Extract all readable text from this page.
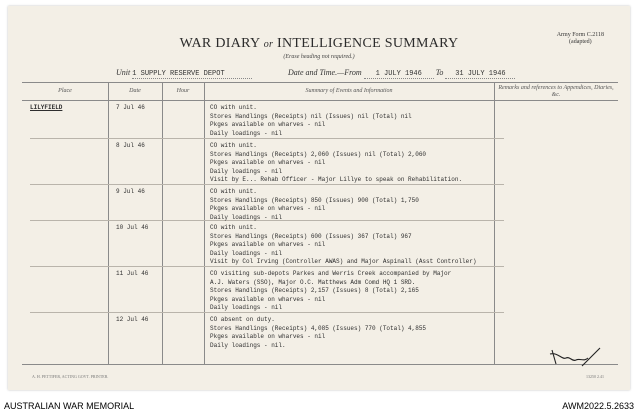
Army Form C.2118
(adapted)
WAR DIARY or INTELLIGENCE SUMMARY
(Erase heading not required.)
Unit 1 SUPPLY RESERVE DEPOT	Date and Time.—From 1 JULY 1946 To 31 JULY 1946
Place	Date	Hour	Summary of Events and Information	Remarks and references to Appendices, Diaries, &c.
LILYFIELD	7 Jul 46	CO with unit.
Stores Handlings (Receipts) nil (Issues) nil (Total) nil
Pkges available on wharves - nil
Daily loadings - nil
8 Jul 46	CO with unit.
Stores Handlings (Receipts) 2,060 (Issues) nil (Total) 2,060
Pkges available on wharves - nil
Daily loadings - nil
Visit by E... Rehab Officer - Major Lillye to speak on Rehabilitation.
9 Jul 46	CO with unit.
Stores Handlings (Receipts) 850 (Issues) 900 (Total) 1,750
Pkges available on wharves - nil
Daily loadings - nil
10 Jul 46	CO with unit.
Stores Handlings (Receipts) 600 (Issues) 367 (Total) 967
Pkges available on wharves - nil
Daily loadings - nil
Visit by Col Irving (Controller AWAS) and Major Aspinall (Asst Controller)
11 Jul 46	CO visiting sub-depots Parkes and Werris Creek accompanied by Major
A.J. Waters (SSO), Major O.C. Matthews Adm Comd HQ 1 SRD.
Stores Handlings (Receipts) 2,157 (Issues) 8 (Total) 2,165
Pkges available on wharves - nil
Daily loadings - nil
12 Jul 46	CO absent on duty.
Stores Handlings (Receipts) 4,085 (Issues) 770 (Total) 4,855
Pkges available on wharves - nil
Daily loadings - nil.
A. H. PETTIFER, ACTING GOVT. PRINTER.	13250 2.41
AUSTRALIAN WAR MEMORIAL	AWM2022.5.2633
